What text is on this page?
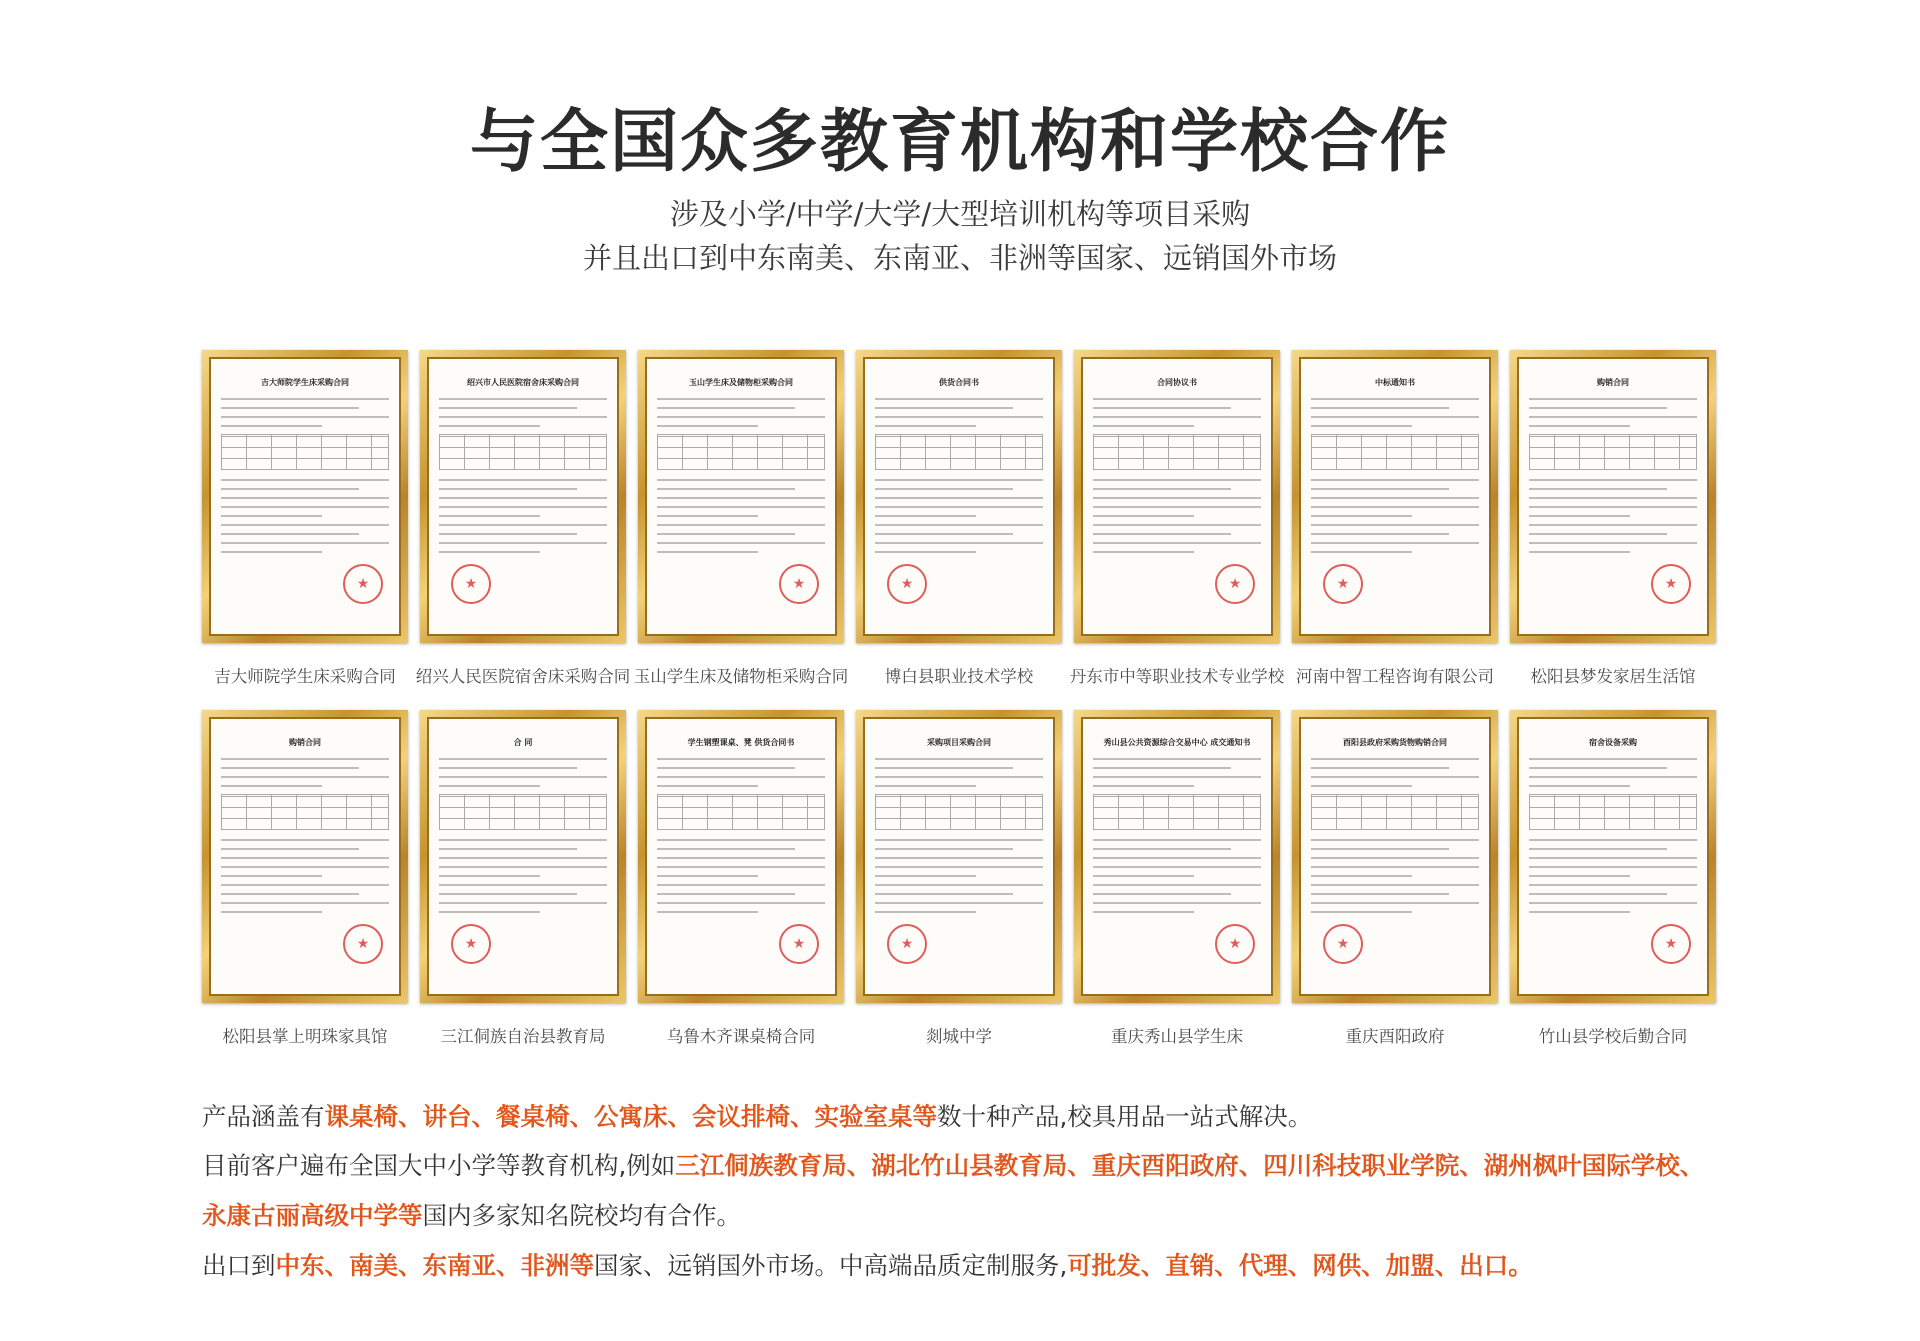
与全国众多教育机构和学校合作

涉及小学/中学/大学/大型培训机构等项目采购

并且出口到中东南美、东南亚、非洲等国家、远销国外市场

吉大师院学生床采购合同
★
吉大师院学生床采购合同
绍兴市人民医院宿舍床采购合同
★
绍兴人民医院宿舍床采购合同
玉山学生床及储物柜采购合同
★
玉山学生床及储物柜采购合同
供货合同书
★
博白县职业技术学校
合同协议书
★
丹东市中等职业技术专业学校
中标通知书
★
河南中智工程咨询有限公司
购销合同
★
松阳县梦发家居生活馆
购销合同
★
松阳县掌上明珠家具馆
合 同
★
三江侗族自治县教育局
学生钢塑课桌、凳 供货合同书
★
乌鲁木齐课桌椅合同
采购项目采购合同
★
剡城中学
秀山县公共资源综合交易中心 成交通知书
★
重庆秀山县学生床
酉阳县政府采购货物购销合同
★
重庆酉阳政府
宿舍设备采购
★
竹山县学校后勤合同

产品涵盖有课桌椅、讲台、餐桌椅、公寓床、会议排椅、实验室桌等数十种产品,校具用品一站式解决。

目前客户遍布全国大中小学等教育机构,例如三江侗族教育局、湖北竹山县教育局、重庆酉阳政府、四川科技职业学院、湖州枫叶国际学校、永康古丽高级中学等国内多家知名院校均有合作。

出口到中东、南美、东南亚、非洲等国家、远销国外市场。中高端品质定制服务,可批发、直销、代理、网供、加盟、出口。
